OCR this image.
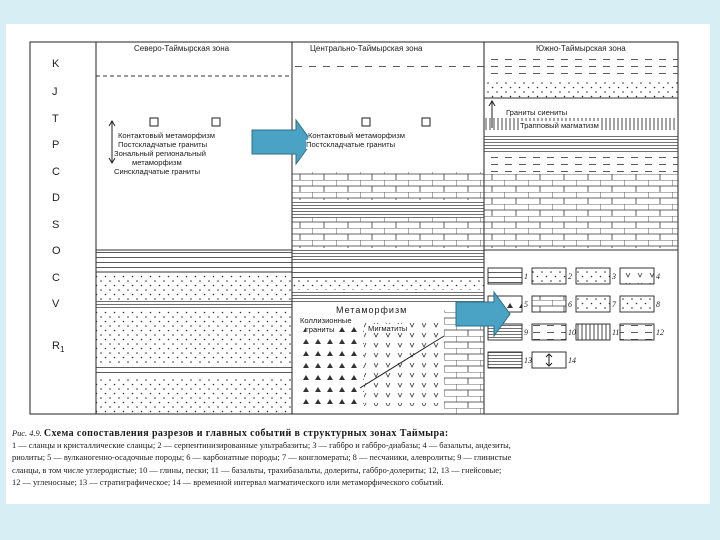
1	2	3	4
5	6	7	8
9	10	11	12
13	14
Северо-Таймырская зона	Центрально-Таймырская зона	Южно-Таймырская зона
K
J
T
P
C
D
S
O
C
V
$R_1$
Контактовый метаморфизм
Постскладчатые граниты
Зональный региональный
метаморфизм
Синскладчатые граниты
Контактовый метаморфизм
Постскладчатые граниты
Метаморфизм
Коллизионные
граниты	Мигматиты
Граниты сиениты
Трапповый магматизм
Рис. 4.9. Схема сопоставления разрезов и главных событий в структурных зонах Таймыра:
1 — сланцы и кристаллические сланцы; 2 — серпентинизированные ультрабазиты; 3 — габбро и габбро-диабазы; 4 — базальты, андезиты,
риолиты; 5 — вулканогенно-осадочные породы; 6 — карбонатные породы; 7 — конгломераты; 8 — песчаники, алевролиты; 9 — глинистые
сланцы, в том числе углеродистые; 10 — глины, пески; 11 — базальты, трахибазальты, долериты, габбро-долериты; 12, 13 — гнейсовые;
12 — угленосные; 13 — стратиграфическое; 14 — временной интервал магматического или метаморфического событий.
